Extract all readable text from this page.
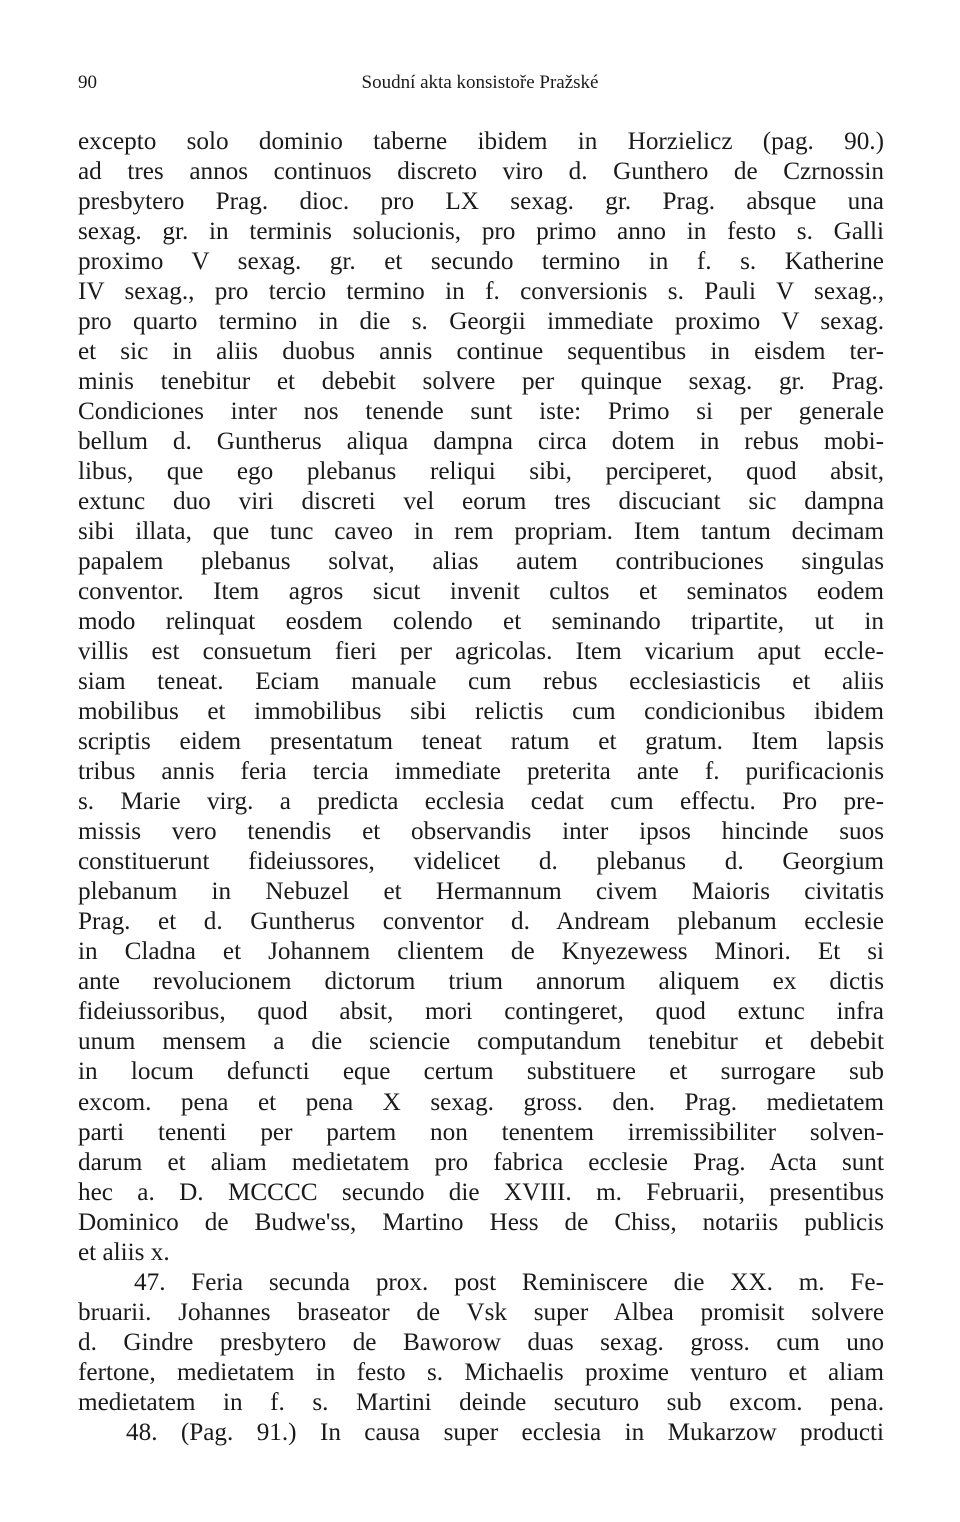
90	Soudní akta konsistoře Pražské
excepto solo dominio taberne ibidem in Horzielicz (pag. 90.)
ad tres annos continuos discreto viro d. Gunthero de Czrnossin
presbytero Prag. dioc. pro LX sexag. gr. Prag. absque una
sexag. gr. in terminis solucionis, pro primo anno in festo s. Galli
proximo V sexag. gr. et secundo termino in f. s. Katherine
IV sexag., pro tercio termino in f. conversionis s. Pauli V sexag.,
pro quarto termino in die s. Georgii immediate proximo V sexag.
et sic in aliis duobus annis continue sequentibus in eisdem ter-
minis tenebitur et debebit solvere per quinque sexag. gr. Prag.
Condiciones inter nos tenende sunt iste: Primo si per generale
bellum d. Guntherus aliqua dampna circa dotem in rebus mobi-
libus, que ego plebanus reliqui sibi, perciperet, quod absit,
extunc duo viri discreti vel eorum tres discuciant sic dampna
sibi illata, que tunc caveo in rem propriam. Item tantum decimam
papalem plebanus solvat, alias autem contribuciones singulas
conventor. Item agros sicut invenit cultos et seminatos eodem
modo relinquat eosdem colendo et seminando tripartite, ut in
villis est consuetum fieri per agricolas. Item vicarium aput eccle-
siam teneat. Eciam manuale cum rebus ecclesiasticis et aliis
mobilibus et immobilibus sibi relictis cum condicionibus ibidem
scriptis eidem presentatum teneat ratum et gratum. Item lapsis
tribus annis feria tercia immediate preterita ante f. purificacionis
s. Marie virg. a predicta ecclesia cedat cum effectu. Pro pre-
missis vero tenendis et observandis inter ipsos hincinde suos
constituerunt fideiussores, videlicet d. plebanus d. Georgium
plebanum in Nebuzel et Hermannum civem Maioris civitatis
Prag. et d. Guntherus conventor d. Andream plebanum ecclesie
in Cladna et Johannem clientem de Knyezewess Minori. Et si
ante revolucionem dictorum trium annorum aliquem ex dictis
fideiussoribus, quod absit, mori contingeret, quod extunc infra
unum mensem a die sciencie computandum tenebitur et debebit
in locum defuncti eque certum substituere et surrogare sub
excom. pena et pena X sexag. gross. den. Prag. medietatem
parti tenenti per partem non tenentem irremissibiliter solven-
darum et aliam medietatem pro fabrica ecclesie Prag. Acta sunt
hec a. D. MCCCC secundo die XVIII. m. Februarii, presentibus
Dominico de Budwe'ss, Martino Hess de Chiss, notariis publicis
et aliis x.
47. Feria secunda prox. post Reminiscere die XX. m. Fe-
bruarii. Johannes braseator de Vsk super Albea promisit solvere
d. Gindre presbytero de Baworow duas sexag. gross. cum uno
fertone, medietatem in festo s. Michaelis proxime venturo et aliam
medietatem in f. s. Martini deinde secuturo sub excom. pena.
48. (Pag. 91.) In causa super ecclesia in Mukarzow producti
